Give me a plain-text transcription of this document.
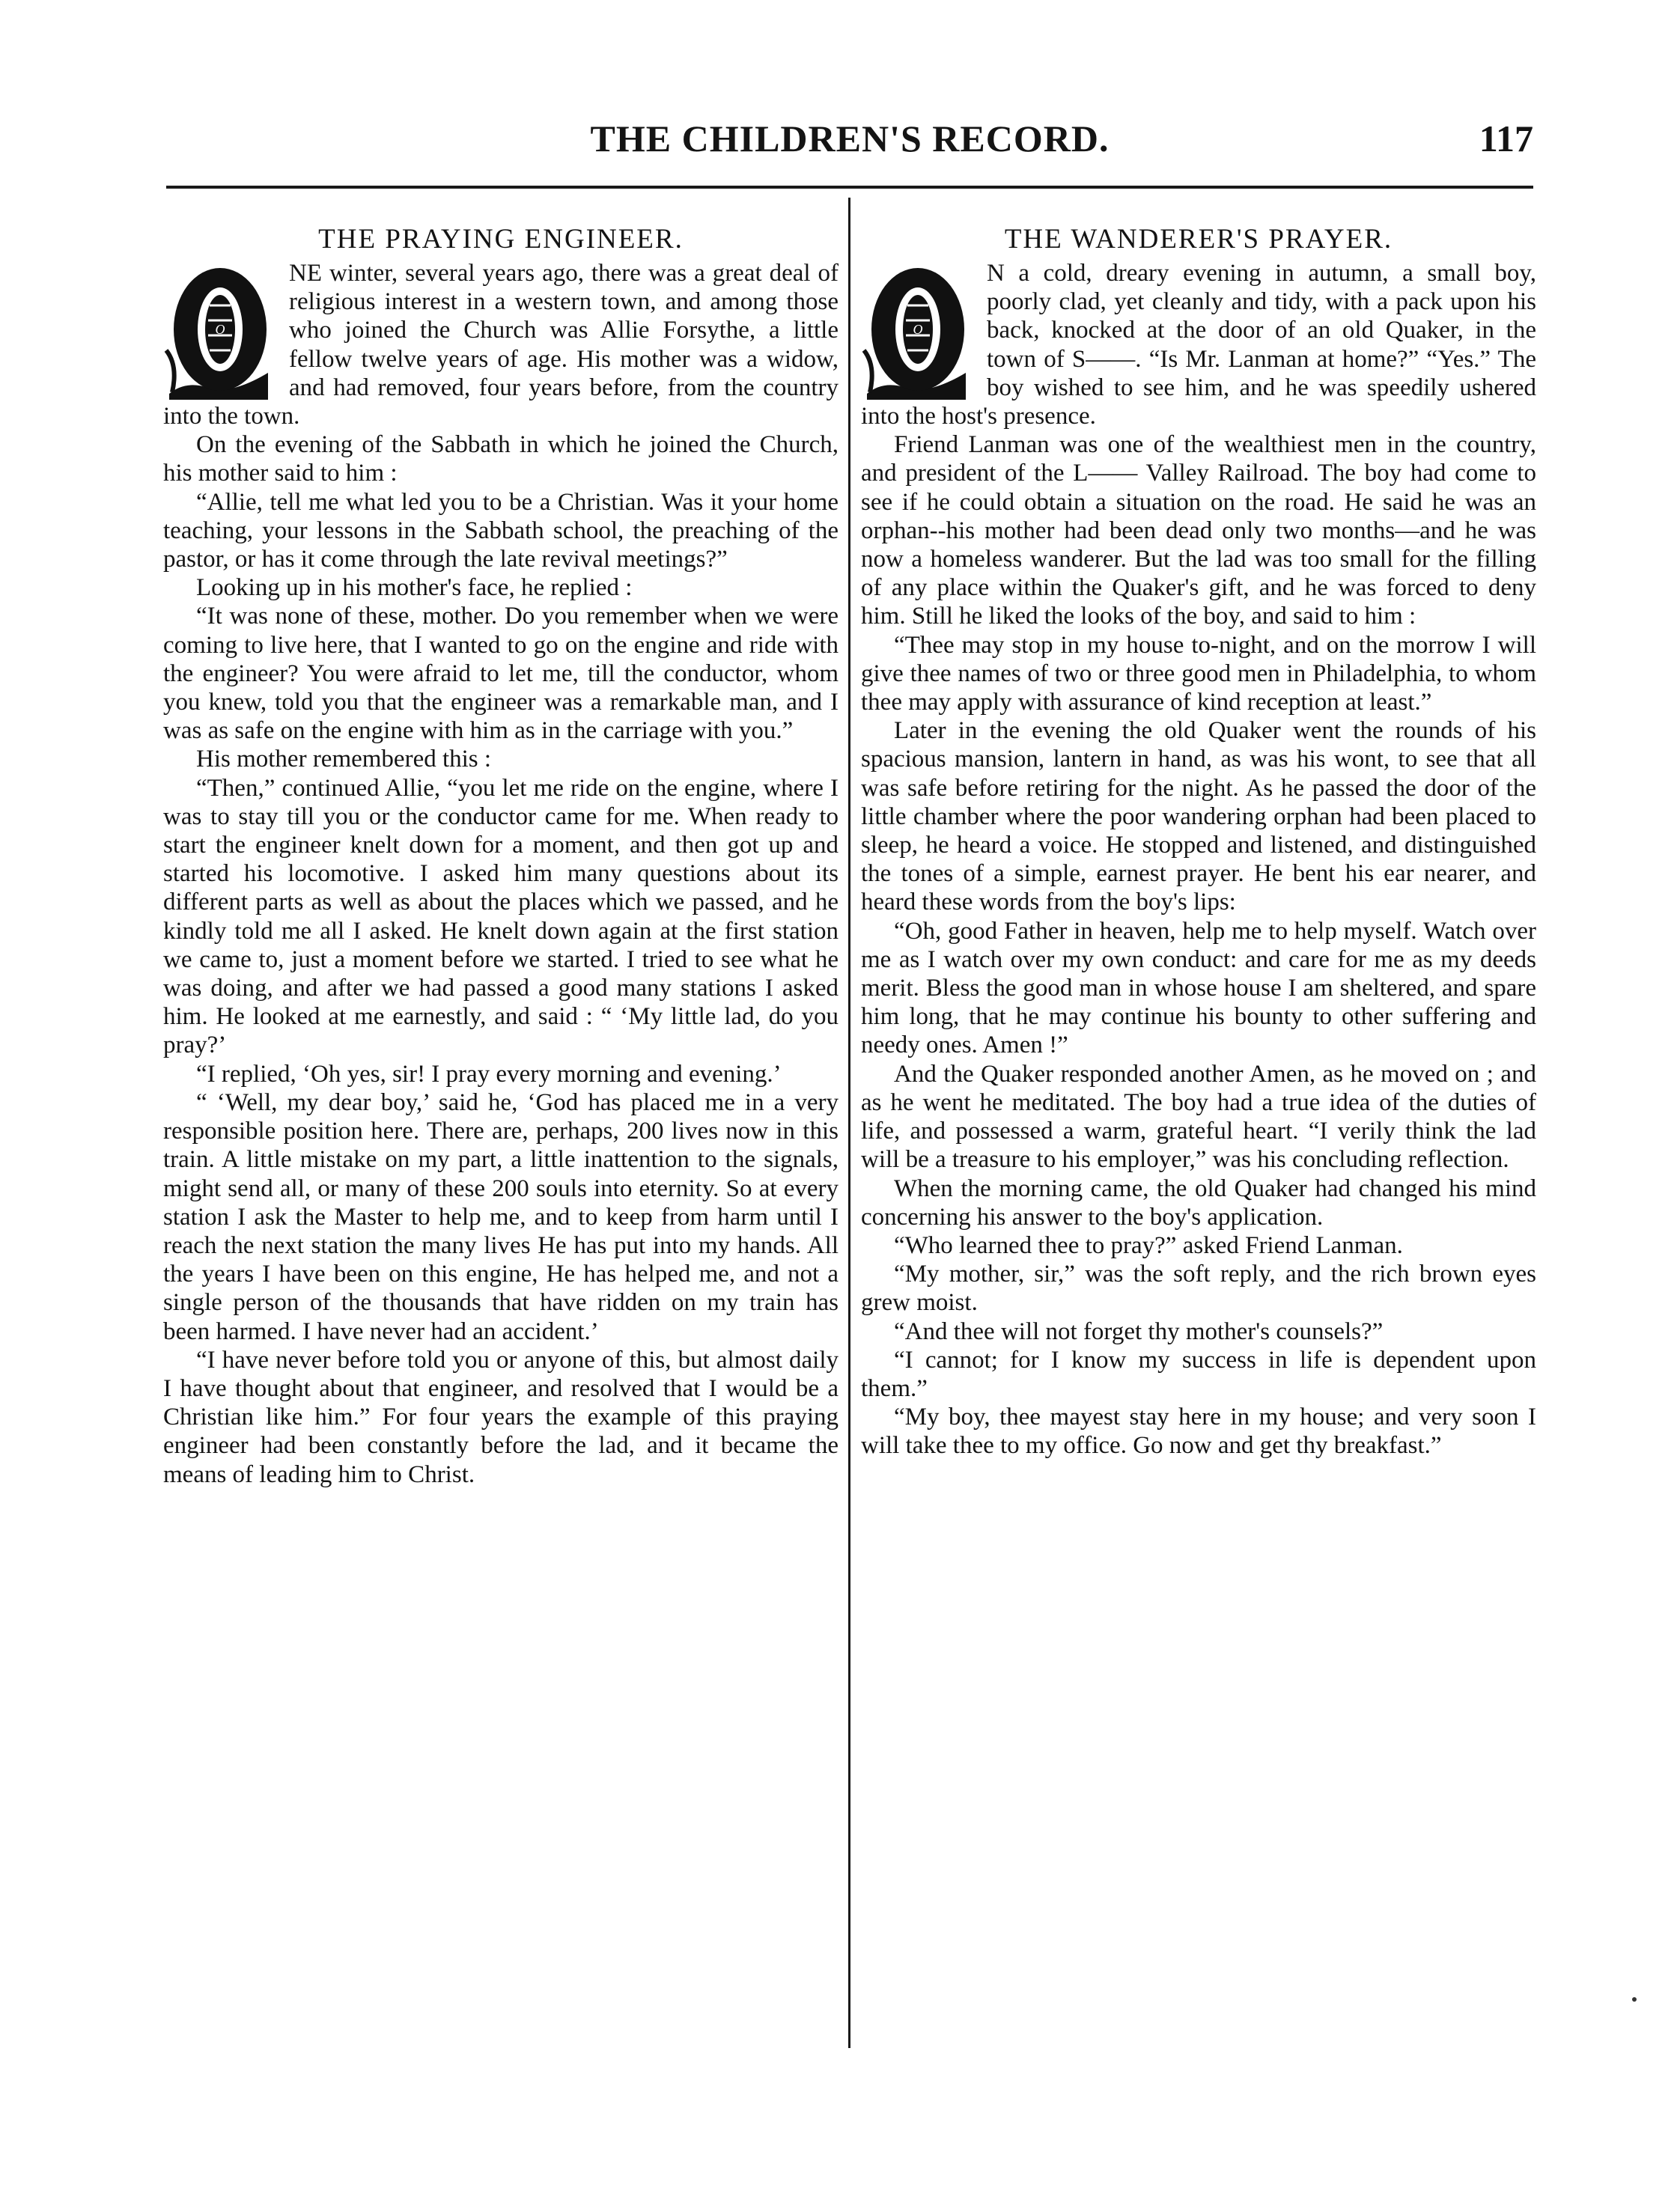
THE CHILDREN'S RECORD.	117
THE PRAYING ENGINEER.
O

NE winter, several years ago, there was a great deal of religious interest in a western town, and among those who joined the Church was Allie Forsythe, a little fellow twelve years of age. His mother was a widow, and had removed, four years before, from the country into the town.

On the evening of the Sabbath in which he joined the Church, his mother said to him :

“Allie, tell me what led you to be a Christian. Was it your home teaching, your lessons in the Sabbath school, the preaching of the pastor, or has it come through the late revival meetings?”

Looking up in his mother's face, he replied :

“It was none of these, mother. Do you remember when we were coming to live here, that I wanted to go on the engine and ride with the engineer? You were afraid to let me, till the conductor, whom you knew, told you that the engineer was a remarkable man, and I was as safe on the engine with him as in the carriage with you.”

His mother remembered this :

“Then,” continued Allie, “you let me ride on the engine, where I was to stay till you or the conductor came for me. When ready to start the engineer knelt down for a moment, and then got up and started his locomotive. I asked him many questions about its different parts as well as about the places which we passed, and he kindly told me all I asked. He knelt down again at the first station we came to, just a moment before we started. I tried to see what he was doing, and after we had passed a good many stations I asked him. He looked at me earnestly, and said : “ ‘My little lad, do you pray?’

“I replied, ‘Oh yes, sir! I pray every morning and evening.’

“ ‘Well, my dear boy,’ said he, ‘God has placed me in a very responsible position here. There are, perhaps, 200 lives now in this train. A little mistake on my part, a little inattention to the signals, might send all, or many of these 200 souls into eternity. So at every station I ask the Master to help me, and to keep from harm until I reach the next station the many lives He has put into my hands. All the years I have been on this engine, He has helped me, and not a single person of the thousands that have ridden on my train has been harmed. I have never had an accident.’

“I have never before told you or anyone of this, but almost daily I have thought about that engineer, and resolved that I would be a Christian like him.” For four years the example of this praying engineer had been constantly before the lad, and it became the means of leading him to Christ.

THE WANDERER'S PRAYER.
O

N a cold, dreary evening in autumn, a small boy, poorly clad, yet cleanly and tidy, with a pack upon his back, knocked at the door of an old Quaker, in the town of S——. “Is Mr. Lanman at home?” “Yes.” The boy wished to see him, and he was speedily ushered into the host's presence.

Friend Lanman was one of the wealthiest men in the country, and president of the L—— Valley Railroad. The boy had come to see if he could obtain a situation on the road. He said he was an orphan--his mother had been dead only two months—and he was now a homeless wanderer. But the lad was too small for the filling of any place within the Quaker's gift, and he was forced to deny him. Still he liked the looks of the boy, and said to him :

“Thee may stop in my house to-night, and on the morrow I will give thee names of two or three good men in Philadelphia, to whom thee may apply with assurance of kind reception at least.”

Later in the evening the old Quaker went the rounds of his spacious mansion, lantern in hand, as was his wont, to see that all was safe before retiring for the night. As he passed the door of the little chamber where the poor wandering orphan had been placed to sleep, he heard a voice. He stopped and listened, and distinguished the tones of a simple, earnest prayer. He bent his ear nearer, and heard these words from the boy's lips:

“Oh, good Father in heaven, help me to help myself. Watch over me as I watch over my own conduct: and care for me as my deeds merit. Bless the good man in whose house I am sheltered, and spare him long, that he may continue his bounty to other suffering and needy ones. Amen !”

And the Quaker responded another Amen, as he moved on ; and as he went he meditated. The boy had a true idea of the duties of life, and possessed a warm, grateful heart. “I verily think the lad will be a treasure to his employer,” was his concluding reflection.

When the morning came, the old Quaker had changed his mind concerning his answer to the boy's application.

“Who learned thee to pray?” asked Friend Lanman.

“My mother, sir,” was the soft reply, and the rich brown eyes grew moist.

“And thee will not forget thy mother's counsels?”

“I cannot; for I know my success in life is dependent upon them.”

“My boy, thee mayest stay here in my house; and very soon I will take thee to my office. Go now and get thy breakfast.”
